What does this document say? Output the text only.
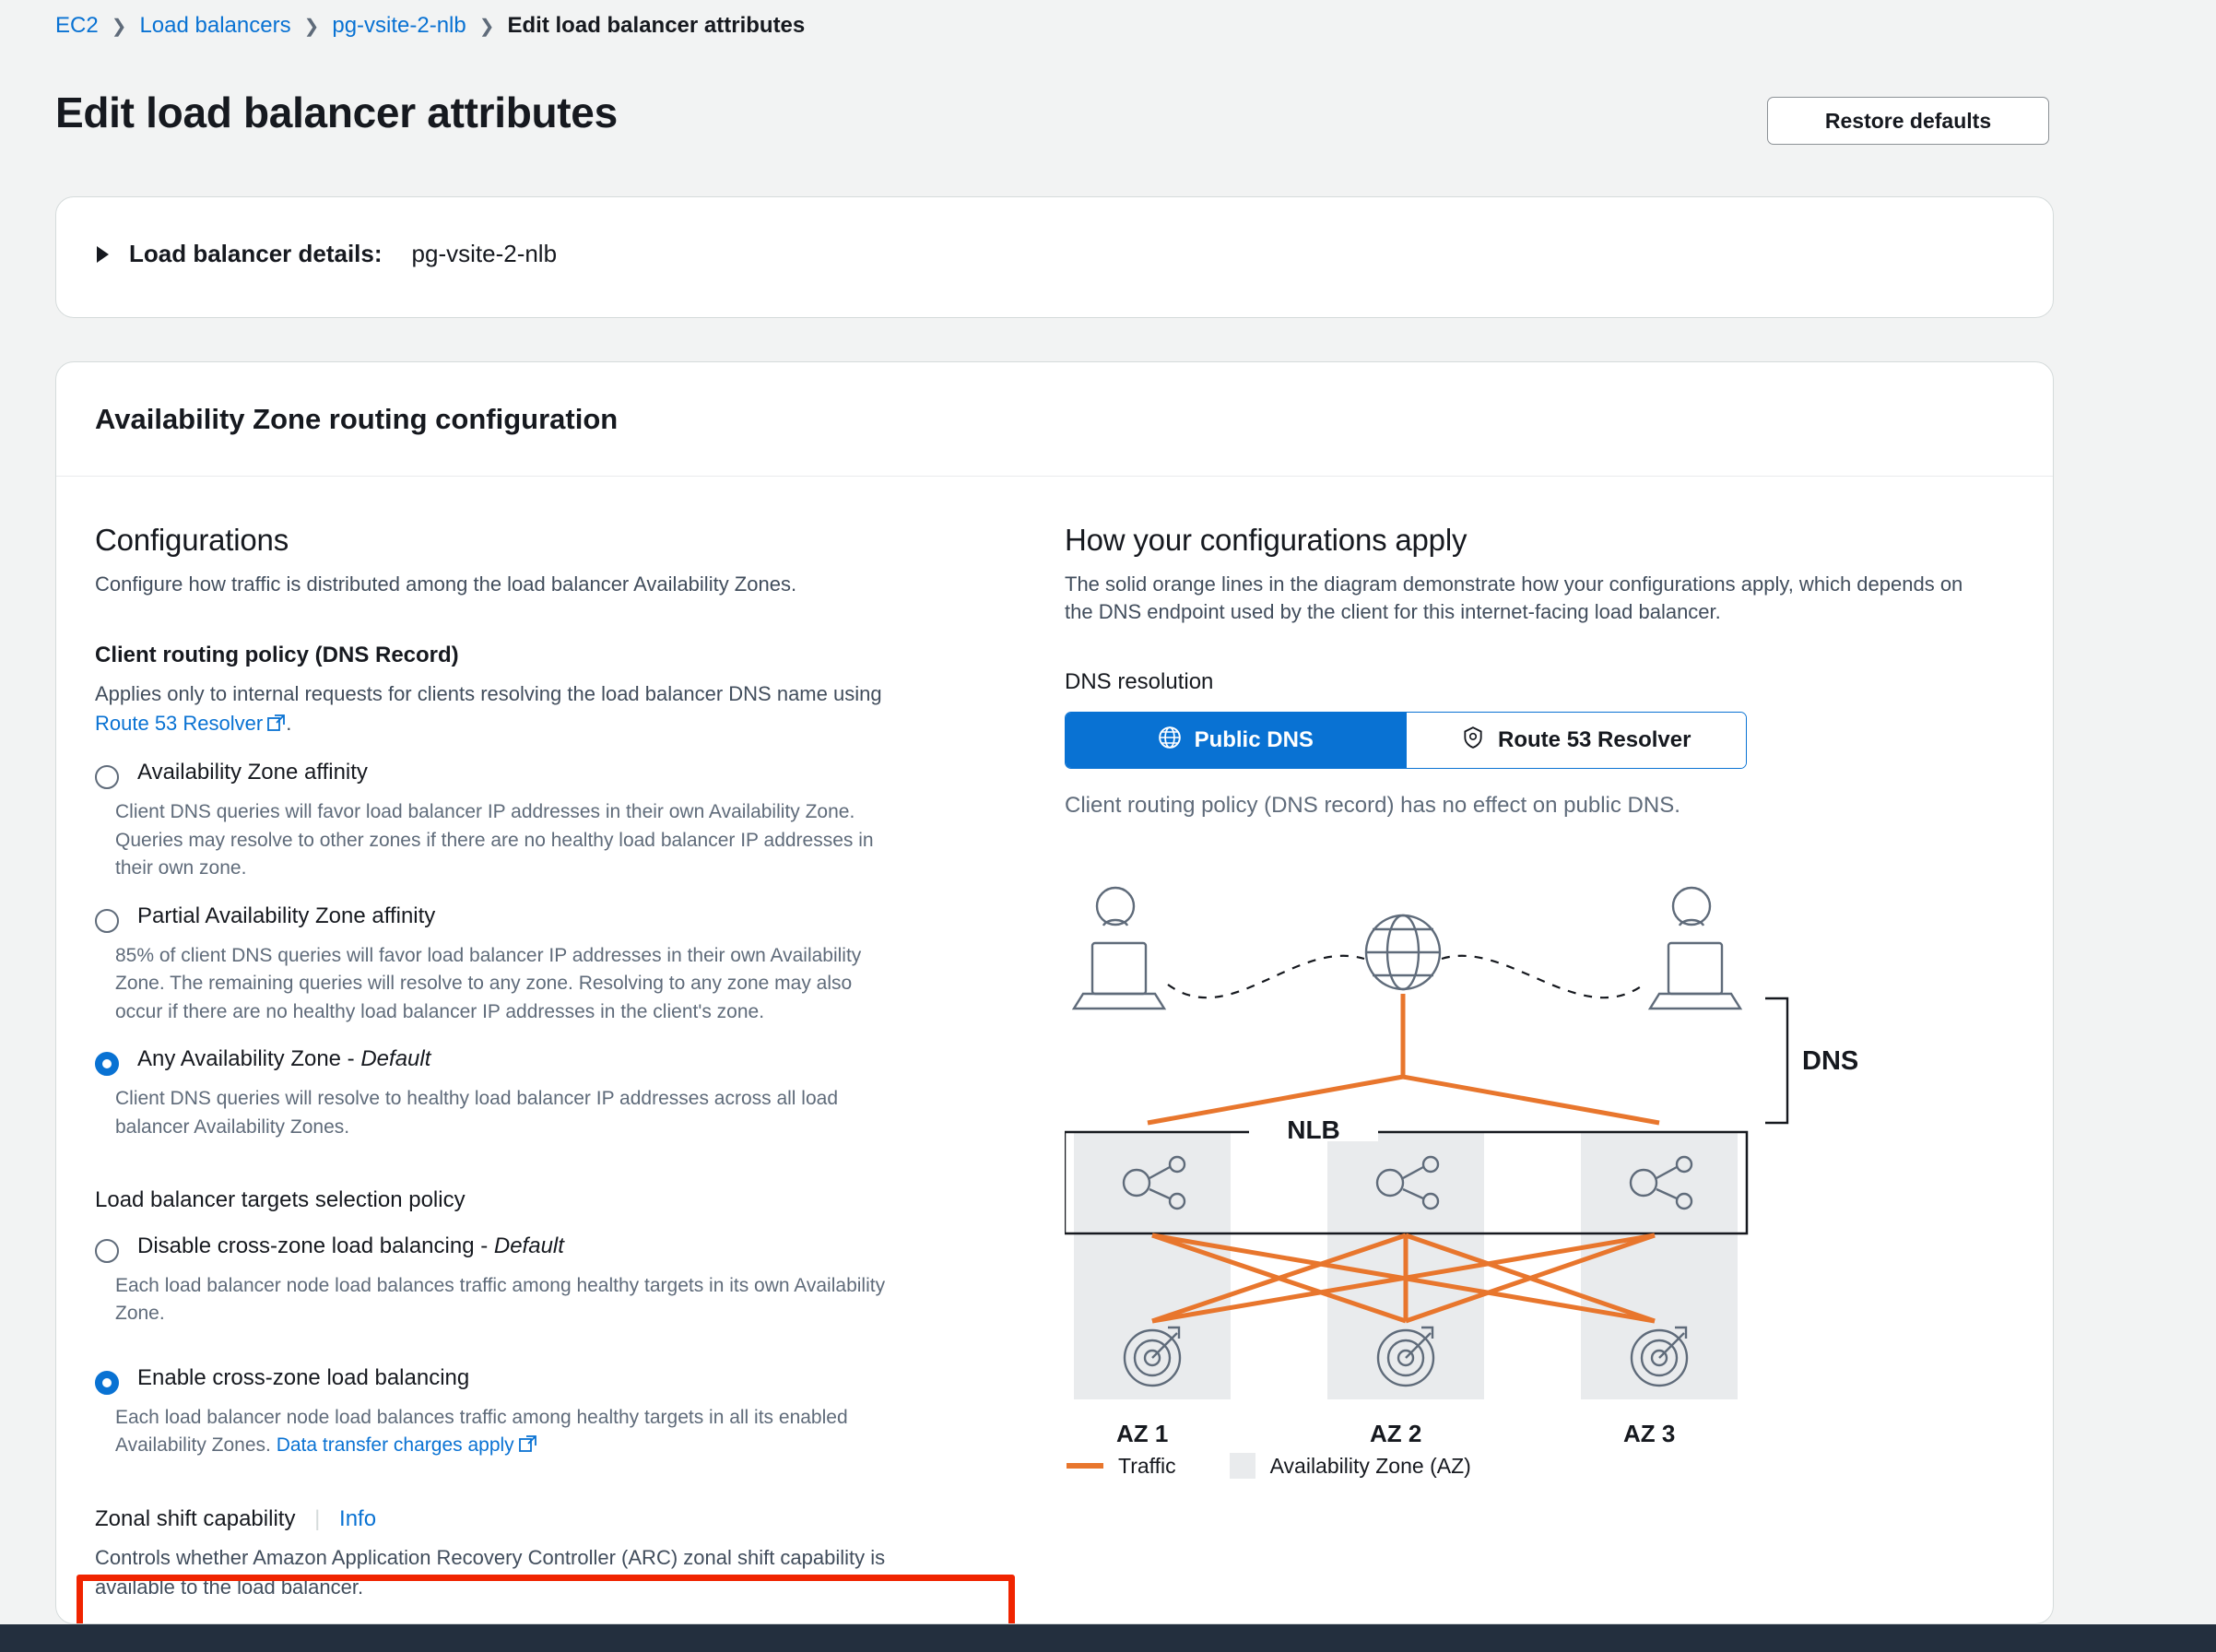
EC2 ❯ Load balancers ❯ pg-vsite-2-nlb ❯ Edit load balancer attributes
Edit load balancer attributes	Restore defaults
Load balancer details: pg-vsite-2-nlb
Availability Zone routing configuration
Configurations

Configure how traffic is distributed among the load balancer Availability Zones.

Client routing policy (DNS Record)
Applies only to internal requests for clients resolving the load balancer DNS name using Route 53 Resolver .
Availability Zone affinity
Client DNS queries will favor load balancer IP addresses in their own Availability Zone. Queries may resolve to other zones if there are no healthy load balancer IP addresses in their own zone.
Partial Availability Zone affinity
85% of client DNS queries will favor load balancer IP addresses in their own Availability Zone. The remaining queries will resolve to any zone. Resolving to any zone may also occur if there are no healthy load balancer IP addresses in the client's zone.
Any Availability Zone - Default
Client DNS queries will resolve to healthy load balancer IP addresses across all load balancer Availability Zones.
Load balancer targets selection policy
Disable cross-zone load balancing - Default
Each load balancer node load balances traffic among healthy targets in its own Availability Zone.
Enable cross-zone load balancing
Each load balancer node load balances traffic among healthy targets in all its enabled Availability Zones. Data transfer charges apply
Zonal shift capability | Info
Controls whether Amazon Application Recovery Controller (ARC) zonal shift capability is available to the load balancer.
How your configurations apply

The solid orange lines in the diagram demonstrate how your configurations apply, which depends on the DNS endpoint used by the client for this internet-facing load balancer.

DNS resolution
Public DNS	Route 53 Resolver
Client routing policy (DNS record) has no effect on public DNS.
NLB
DNS
AZ 1	AZ 2	AZ 3
Traffic	Availability Zone (AZ)
